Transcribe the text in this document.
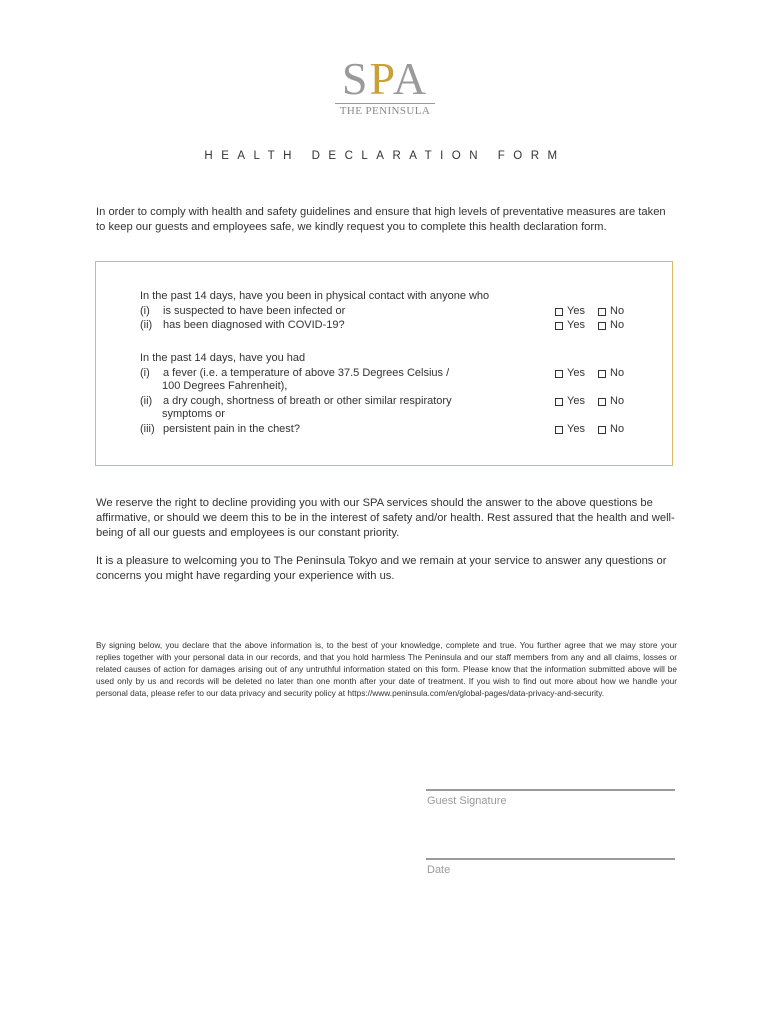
SPA
THE PENINSULA
HEALTH DECLARATION FORM
In order to comply with health and safety guidelines and ensure that high levels of preventative measures are taken to keep our guests and employees safe, we kindly request you to complete this health declaration form.
In the past 14 days, have you been in physical contact with anyone who
(i) is suspected to have been infected or
(ii) has been diagnosed with COVID-19?
In the past 14 days, have you had
(i) a fever (i.e. a temperature of above 37.5 Degrees Celsius /
100 Degrees Fahrenheit),
(ii) a dry cough, shortness of breath or other similar respiratory
symptoms or
(iii) persistent pain in the chest?
Yes No
Yes No
Yes No
Yes No
Yes No
We reserve the right to decline providing you with our SPA services should the answer to the above questions be affirmative, or should we deem this to be in the interest of safety and/or health. Rest assured that the health and well-being of all our guests and employees is our constant priority.
It is a pleasure to welcoming you to The Peninsula Tokyo and we remain at your service to answer any questions or concerns you might have regarding your experience with us.
By signing below, you declare that the above information is, to the best of your knowledge, complete and true. You further agree that we may store your replies together with your personal data in our records, and that you hold harmless The Peninsula and our staff members from any and all claims, losses or related causes of action for damages arising out of any untruthful information stated on this form. Please know that the information submitted above will be used only by us and records will be deleted no later than one month after your date of treatment. If you wish to find out more about how we handle your personal data, please refer to our data privacy and security policy at https://www.peninsula.com/en/global-pages/data-privacy-and-security.
Guest Signature
Date
